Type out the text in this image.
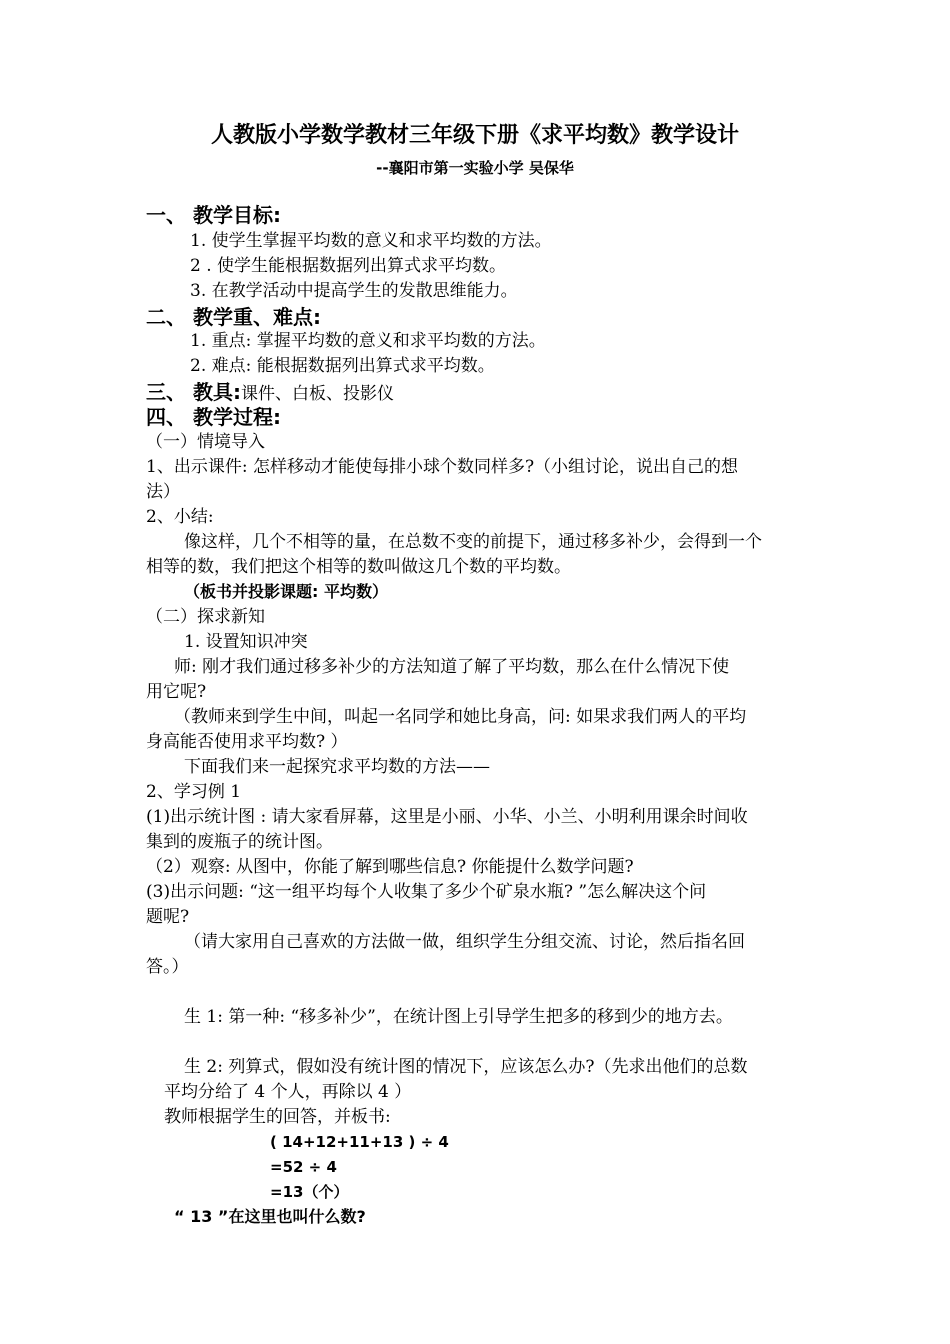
人教版小学数学教材三年级下册《求平均数》教学设计
--襄阳市第一实验小学 吴保华
一、 教学目标:
1. 使学生掌握平均数的意义和求平均数的方法。
2 . 使学生能根据数据列出算式求平均数。
3. 在教学活动中提高学生的发散思维能力。
二、 教学重、难点:
1. 重点: 掌握平均数的意义和求平均数的方法。
2. 难点: 能根据数据列出算式求平均数。
三、 教具:课件、白板、投影仪
四、 教学过程:
（一）情境导入
1、出示课件: 怎样移动才能使每排小球个数同样多?（小组讨论，说出自己的想
法）
2、小结:
像这样，几个不相等的量，在总数不变的前提下，通过移多补少，会得到一个
相等的数，我们把这个相等的数叫做这几个数的平均数。
（板书并投影课题: 平均数）
（二）探求新知
1. 设置知识冲突
师: 刚才我们通过移多补少的方法知道了解了平均数，那么在什么情况下使
用它呢?
（教师来到学生中间，叫起一名同学和她比身高，问: 如果求我们两人的平均
身高能否使用求平均数? ）
下面我们来一起探究求平均数的方法——
2、学习例 1
(1)出示统计图 : 请大家看屏幕，这里是小丽、小华、小兰、小明利用课余时间收
集到的废瓶子的统计图。
（2）观察: 从图中，你能了解到哪些信息? 你能提什么数学问题?
(3)出示问题: “这一组平均每个人收集了多少个矿泉水瓶? ”怎么解决这个问
题呢?
（请大家用自己喜欢的方法做一做，组织学生分组交流、讨论，然后指名回
答。）
生 1: 第一种: “移多补少”，在统计图上引导学生把多的移到少的地方去。
生 2: 列算式，假如没有统计图的情况下，应该怎么办?（先求出他们的总数
平均分给了 4 个人，再除以 4 ）
教师根据学生的回答，并板书:
( 14+12+11+13 ) ÷ 4
=52 ÷ 4
=13（个）
“ 13 ”在这里也叫什么数?
